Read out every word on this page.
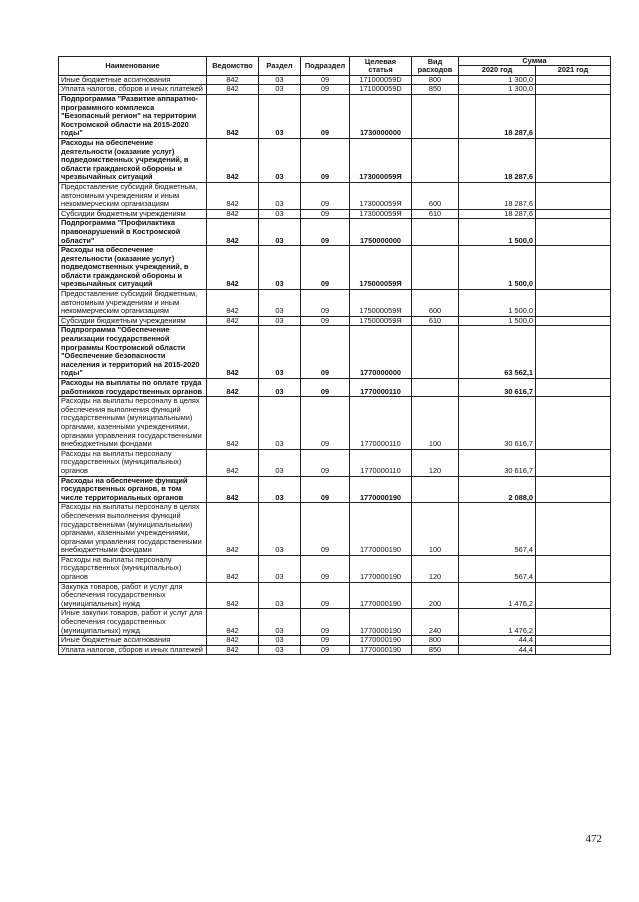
Наименование	Ведомство	Раздел	Подраздел	Целевая статья	Вид расходов	Сумма	
						2020 год	2021 год
Иные бюджетные ассигнования	842	03	09	171000059D	800	1 300,0	
Уплата налогов, сборов и иных платежей	842	03	09	171000059D	850	1 300,0	
Подпрограмма "Развитие аппаратно-программного комплекса "Безопасный регион" на территории Костромской области на 2015-2020 годы"	842	03	09	1730000000		18 287,6	
Расходы на обеспечение деятельности (оказание услуг) подведомственных учреждений, в области гражданской обороны и чрезвычайных ситуаций	842	03	09	173000059Я		18 287,6	
Предоставление субсидий бюджетным, автономным учреждениям и иным некоммерческим организациям	842	03	09	173000059Я	600	18 287,6	
Субсидии бюджетным учреждениям	842	03	09	173000059Я	610	18 287,6	
Подпрограмма "Профилактика правонарушений в Костромской области"	842	03	09	1750000000		1 500,0	
Расходы на обеспечение деятельности (оказание услуг) подведомственных учреждений, в области гражданской обороны и чрезвычайных ситуаций	842	03	09	175000059Я		1 500,0	
Предоставление субсидий бюджетным, автономным учреждениям и иным некоммерческим организациям	842	03	09	175000059Я	600	1 500,0	
Субсидии бюджетным учреждениям	842	03	09	175000059Я	610	1 500,0	
Подпрограмма "Обеспечение реализации государственной программы Костромской области "Обеспечение безопасности населения и территорий на 2015-2020 годы"	842	03	09	1770000000		63 562,1	
Расходы на выплаты по оплате труда работников государственных органов	842	03	09	1770000110		30 616,7	
Расходы на выплаты персоналу в целях обеспечения выполнения функций государственными (муниципальными) органами, казенными учреждениями, органами управления государственными внебюджетными фондами	842	03	09	1770000110	100	30 616,7	
Расходы на выплаты персоналу государственных (муниципальных) органов	842	03	09	1770000110	120	30 616,7	
Расходы на обеспечение функций государственных органов, в том числе территориальных органов	842	03	09	1770000190		2 088,0	
Расходы на выплаты персоналу в целях обеспечения выполнения функций государственными (муниципальными) органами, казенными учреждениями, органами управления государственными внебюджетными фондами	842	03	09	1770000190	100	567,4	
Расходы на выплаты персоналу государственных (муниципальных) органов	842	03	09	1770000190	120	567,4	
Закупка товаров, работ и услуг для обеспечения государственных (муниципальных) нужд	842	03	09	1770000190	200	1 476,2	
Иные закупки товаров, работ и услуг для обеспечения государственных (муниципальных) нужд	842	03	09	1770000190	240	1 476,2	
Иные бюджетные ассигнования	842	03	09	1770000190	800	44,4	
Уплата налогов, сборов и иных платежей	842	03	09	1770000190	850	44,4	
472
